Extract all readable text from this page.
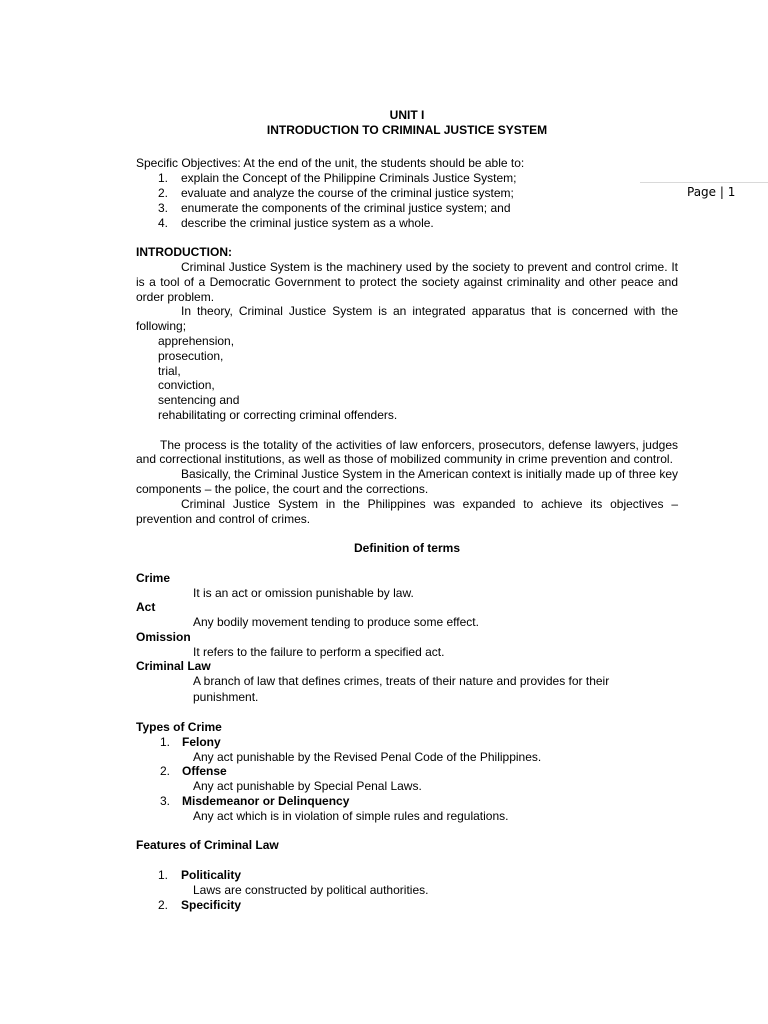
Page | 1
UNIT I
INTRODUCTION TO CRIMINAL JUSTICE SYSTEM
Specific Objectives: At the end of the unit, the students should be able to:
1. explain the Concept of the Philippine Criminals Justice System;
2. evaluate and analyze the course of the criminal justice system;
3. enumerate the components of the criminal justice system; and
4. describe the criminal justice system as a whole.
INTRODUCTION:
Criminal Justice System is the machinery used by the society to prevent and control crime. It is a tool of a Democratic Government to protect the society against criminality and other peace and order problem.
In theory, Criminal Justice System is an integrated apparatus that is concerned with the following;
apprehension,
prosecution,
trial,
conviction,
sentencing and
rehabilitating or correcting criminal offenders.
The process is the totality of the activities of law enforcers, prosecutors, defense lawyers, judges and correctional institutions, as well as those of mobilized community in crime prevention and control.
Basically, the Criminal Justice System in the American context is initially made up of three key components – the police, the court and the corrections.
Criminal Justice System in the Philippines was expanded to achieve its objectives – prevention and control of crimes.
Definition of terms
Crime
It is an act or omission punishable by law.
Act
Any bodily movement tending to produce some effect.
Omission
It refers to the failure to perform a specified act.
Criminal Law
A branch of law that defines crimes, treats of their nature and provides for their punishment.
Types of Crime
1. Felony
Any act punishable by the Revised Penal Code of the Philippines.
2. Offense
Any act punishable by Special Penal Laws.
3. Misdemeanor or Delinquency
Any act which is in violation of simple rules and regulations.
Features of Criminal Law
1. Politicality
Laws are constructed by political authorities.
2. Specificity
